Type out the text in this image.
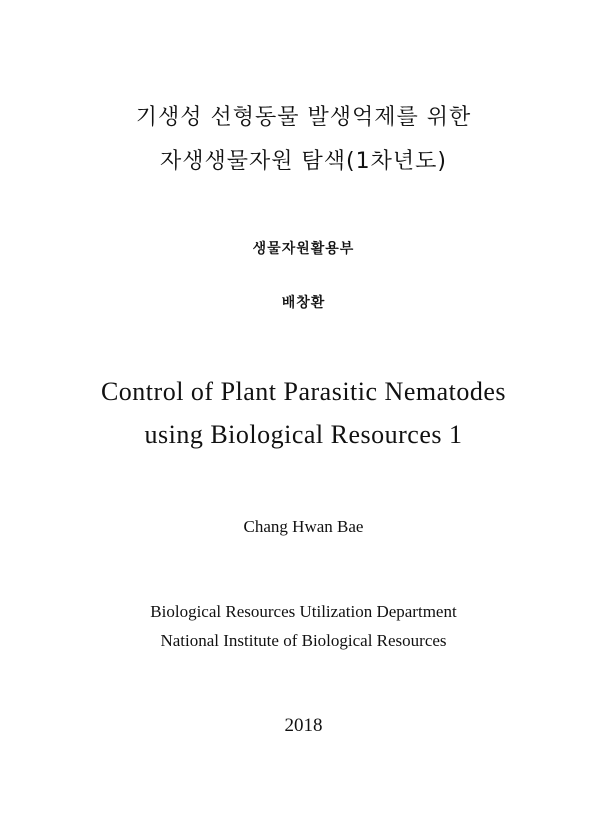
기생성 선형동물 발생억제를 위한
자생생물자원 탐색(1차년도)
생물자원활용부
배창환
Control of Plant Parasitic Nematodes
using Biological Resources 1
Chang Hwan Bae
Biological Resources Utilization Department
National Institute of Biological Resources
2018
